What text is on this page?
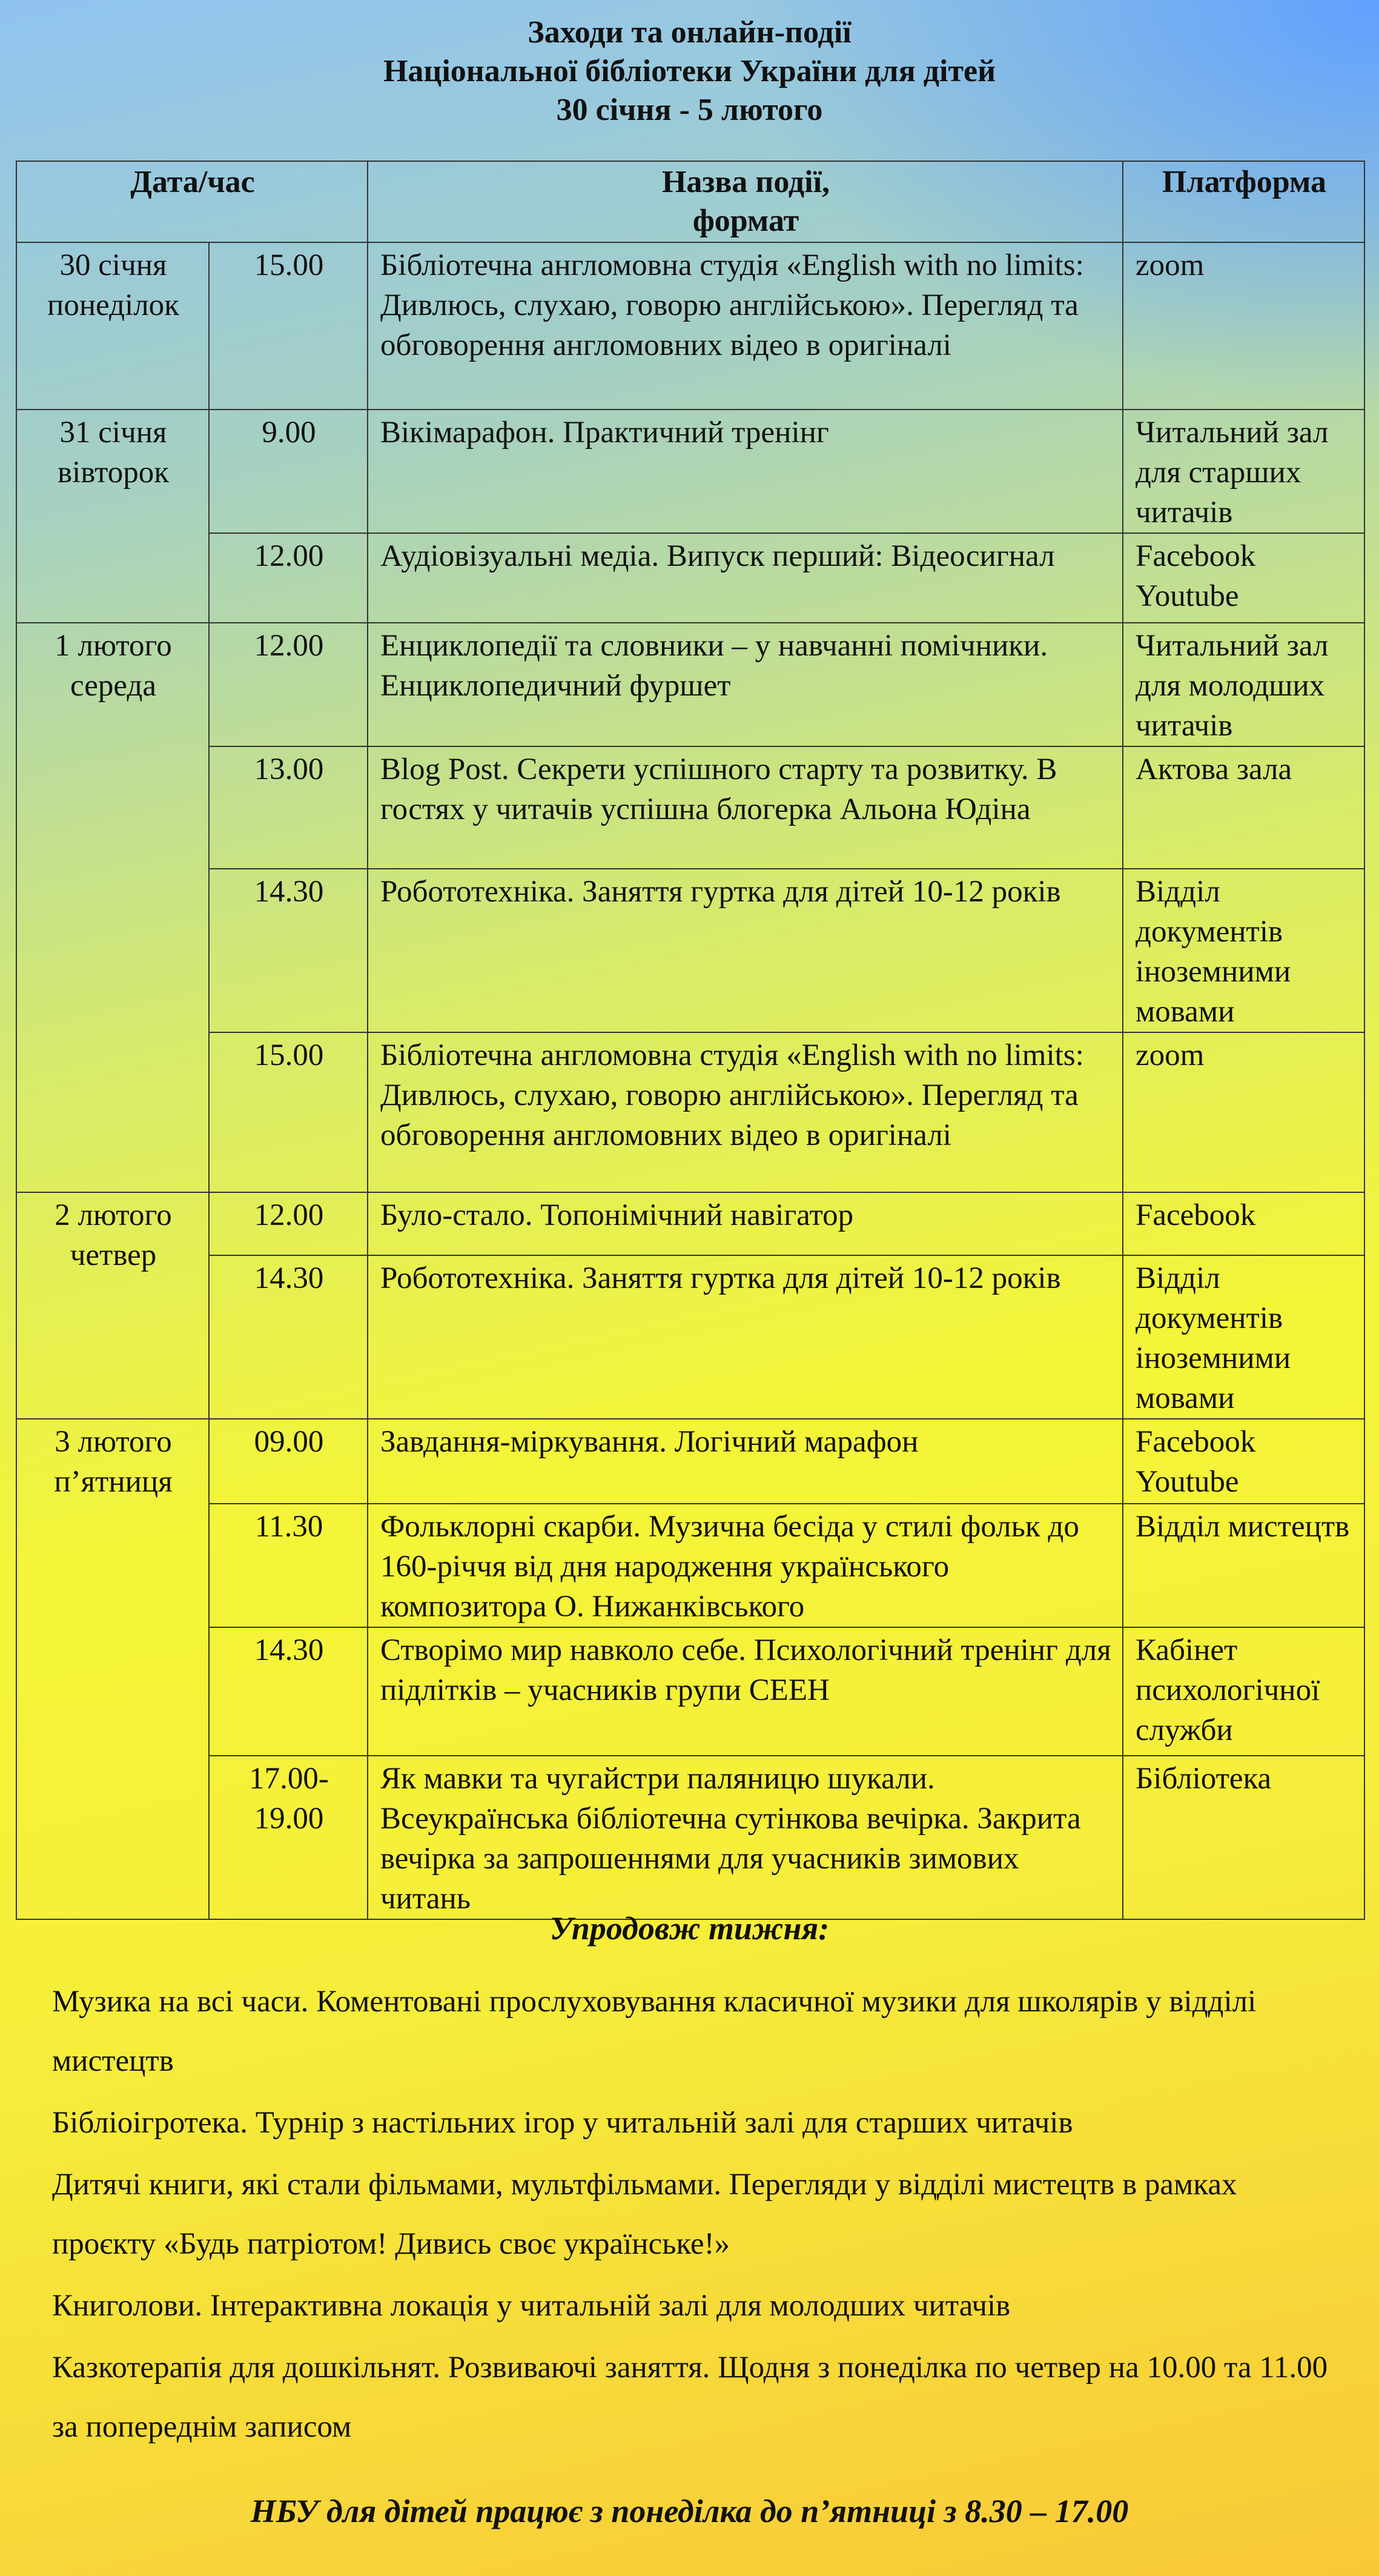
Заходи та онлайн-події
Національної бібліотеки України для дітей
30 січня - 5 лютого
Дата/час		Назва події,
формат	Платформа

30 січня
понеділок	15.00	Бібліотечна англомовна студія «English with no limits: Дивлюсь, слухаю, говорю англійською». Перегляд та обговорення англомовних відео в оригіналі	zoom

31 січня
вівторок	9.00	Вікімарафон. Практичний тренінг	Читальний зал для старших читачів
	12.00	Аудіовізуальні медіа. Випуск перший: Відеосигнал	Facebook Youtube

1 лютого
середа	12.00	Енциклопедії та словники – у навчанні помічники. Енциклопедичний фуршет	Читальний зал для молодших читачів
	13.00	Blog Post. Секрети успішного старту та розвитку. В гостях у читачів успішна блогерка Альона Юдіна	Актова зала
	14.30	Робототехніка. Заняття гуртка для дітей 10-12 років	Відділ документів іноземними мовами
	15.00	Бібліотечна англомовна студія «English with no limits: Дивлюсь, слухаю, говорю англійською». Перегляд та обговорення англомовних відео в оригіналі	zoom

2 лютого
четвер	12.00	Було-стало. Топонімічний навігатор	Facebook
	14.30	Робототехніка. Заняття гуртка для дітей 10-12 років	Відділ документів іноземними мовами

3 лютого
п’ятниця	09.00	Завдання-міркування. Логічний марафон	Facebook Youtube
	11.30	Фольклорні скарби. Музична бесіда у стилі фольк до 160-річчя від дня народження українського композитора О. Нижанківського	Відділ мистецтв
	14.30	Створімо мир навколо себе. Психологічний тренінг для підлітків – учасників групи СЕЕН	Кабінет психологічної служби
	17.00-19.00	Як мавки та чугайстри паляницю шукали. Всеукраїнська бібліотечна сутінкова вечірка. Закрита вечірка за запрошеннями для учасників зимових читань	Бібліотека
Упродовж тижня:

Музика на всі часи. Коментовані прослуховування класичної музики для школярів у відділі мистецтв

Бібліоігротека. Турнір з настільних ігор у читальній залі для старших читачів

Дитячі книги, які стали фільмами, мультфільмами. Перегляди у відділі мистецтв в рамках проєкту «Будь патріотом! Дивись своє українське!»

Книголови. Інтерактивна локація у читальній залі для молодших читачів

Казкотерапія для дошкільнят. Розвиваючі заняття. Щодня з понеділка по четвер на 10.00 та 11.00 за попереднім записом

НБУ для дітей працює з понеділка до п’ятниці з 8.30 – 17.00
